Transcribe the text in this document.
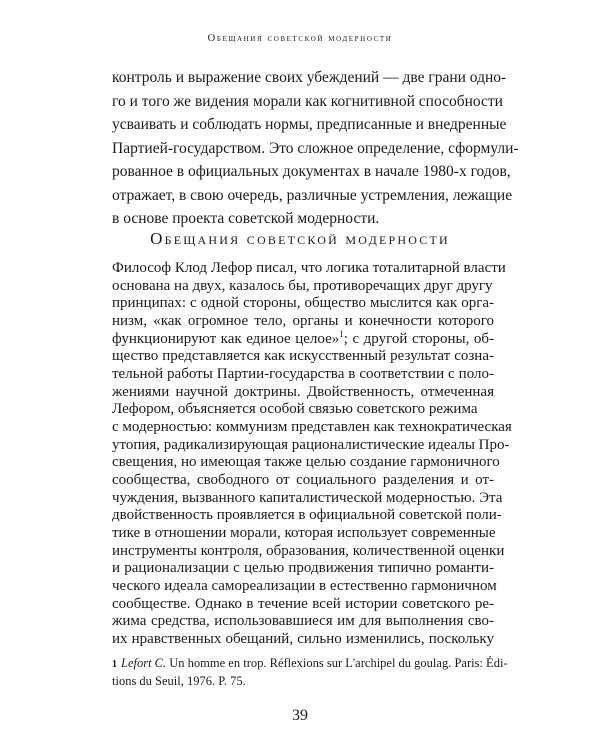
Обещания советской модерности
контроль и выражение своих убеждений — две грани одно-
го и того же видения морали как когнитивной способности
усваивать и соблюдать нормы, предписанные и внедренные
Партией-государством. Это сложное определение, сформули-
рованное в официальных документах в начале 1980-х годов,
отражает, в свою очередь, различные устремления, лежащие
в основе проекта советской модерности.
Обещания советской модерности
Философ Клод Лефор писал, что логика тоталитарной власти
основана на двух, казалось бы, противоречащих друг другу
принципах: с одной стороны, общество мыслится как орга-
низм, «как огромное тело, органы и конечности которого
функционируют как единое целое»$^1$; с другой стороны, об-
щество представляется как искусственный результат сознa-
тельной работы Партии-государства в соответствии с поло-
жениями научной доктрины. Двойственность, отмеченная
Лефором, объясняется особой связью советского режима
с модерностью: коммунизм представлен как технократическая
утопия, радикализирующая рационалистические идеалы Про-
свещения, но имеющая также целью создание гармоничного
сообщества, свободного от социального разделения и от-
чуждения, вызванного капиталистической модерностью. Эта
двойственность проявляется в официальной советской поли-
тике в отношении морали, которая использует современные
инструменты контроля, образования, количественной оценки
и рационализации с целью продвижения типично романти-
ческого идеала самореализации в естественно гармоничном
сообществе. Однако в течение всей истории советского ре-
жима средства, использовавшиеся им для выполнения сво-
их нравственных обещаний, сильно изменились, поскольку
1 Lefort C. Un homme en trop. Réflexions sur L'archipel du goulag. Paris: Édi-
tions du Seuil, 1976. P. 75.
39
